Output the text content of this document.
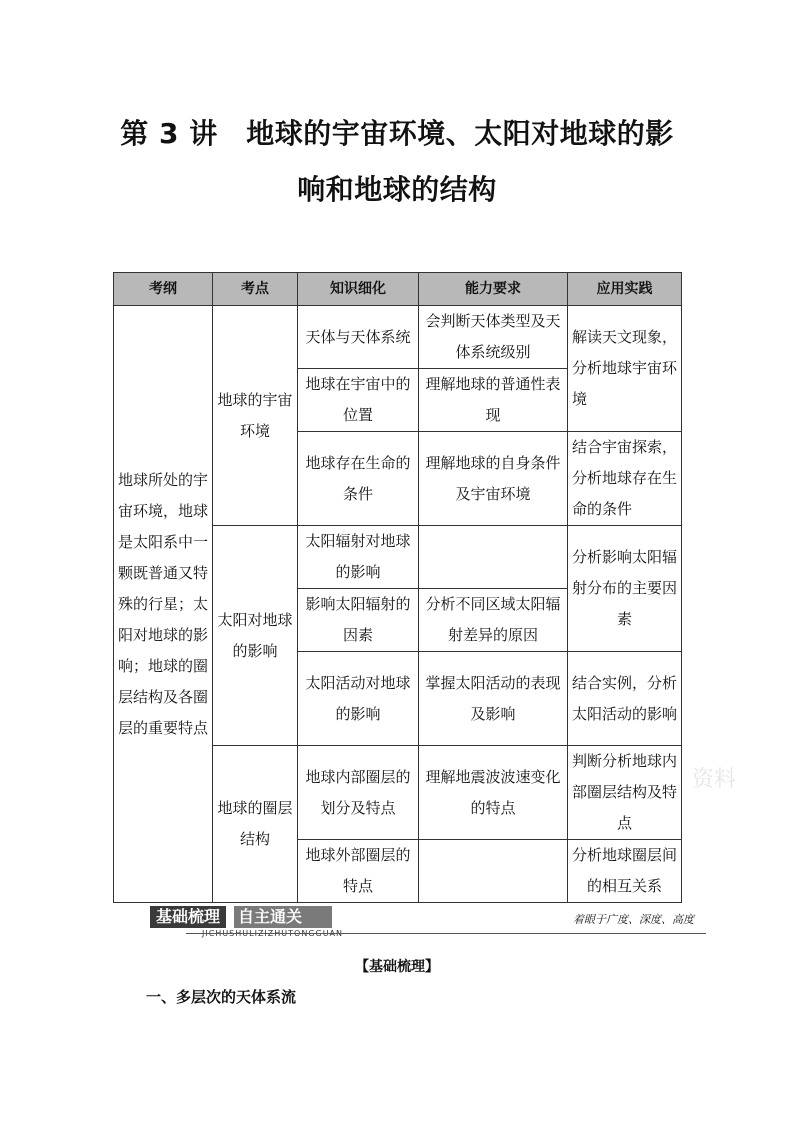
第 3 讲　地球的宇宙环境、太阳对地球的影
响和地球的结构
考纲	考点	知识细化	能力要求	应用实践
地球所处的宇宙环境，地球是太阳系中一颗既普通又特殊的行星；太阳对地球的影响；地球的圈层结构及各圈层的重要特点	地球的宇宙环境	天体与天体系统	会判断天体类型及天体系统级别	解读天文现象，分析地球宇宙环境
		地球在宇宙中的位置	理解地球的普通性表现	
		地球存在生命的条件	理解地球的自身条件及宇宙环境	结合宇宙探索，分析地球存在生命的条件
	太阳对地球的影响	太阳辐射对地球的影响		分析影响太阳辐射分布的主要因素
		影响太阳辐射的因素	分析不同区域太阳辐射差异的原因	
		太阳活动对地球的影响	掌握太阳活动的表现及影响	结合实例，分析太阳活动的影响
	地球的圈层结构	地球内部圈层的划分及特点	理解地震波波速变化的特点	判断分析地球内部圈层结构及特点
		地球外部圈层的特点		分析地球圈层间的相互关系
资料
基础梳理	自主通关	着眼于广度、深度、高度
【基础梳理】
一、多层次的天体系流
